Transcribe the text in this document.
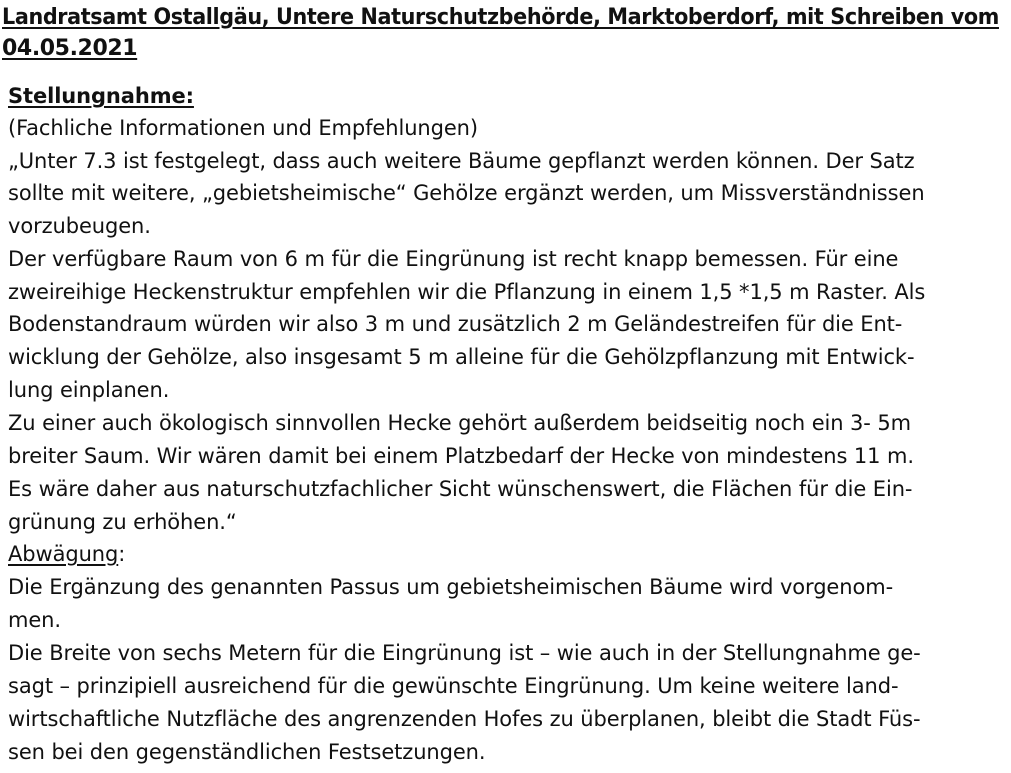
Landratsamt Ostallgäu, Untere Naturschutzbehörde, Marktoberdorf, mit Schreiben vom
04.05.2021
Stellungnahme:
(Fachliche Informationen und Empfehlungen)
„Unter 7.3 ist festgelegt, dass auch weitere Bäume gepflanzt werden können. Der Satz
sollte mit weitere, „gebietsheimische“ Gehölze ergänzt werden, um Missverständnissen
vorzubeugen.
Der verfügbare Raum von 6 m für die Eingrünung ist recht knapp bemessen. Für eine
zweireihige Heckenstruktur empfehlen wir die Pflanzung in einem 1,5 *1,5 m Raster. Als
Bodenstandraum würden wir also 3 m und zusätzlich 2 m Geländestreifen für die Ent-
wicklung der Gehölze, also insgesamt 5 m alleine für die Gehölzpflanzung mit Entwick-
lung einplanen.
Zu einer auch ökologisch sinnvollen Hecke gehört außerdem beidseitig noch ein 3- 5m
breiter Saum. Wir wären damit bei einem Platzbedarf der Hecke von mindestens 11 m.
Es wäre daher aus naturschutzfachlicher Sicht wünschenswert, die Flächen für die Ein-
grünung zu erhöhen.“
Abwägung:
Die Ergänzung des genannten Passus um gebietsheimischen Bäume wird vorgenom-
men.
Die Breite von sechs Metern für die Eingrünung ist – wie auch in der Stellungnahme ge-
sagt – prinzipiell ausreichend für die gewünschte Eingrünung. Um keine weitere land-
wirtschaftliche Nutzfläche des angrenzenden Hofes zu überplanen, bleibt die Stadt Füs-
sen bei den gegenständlichen Festsetzungen.
